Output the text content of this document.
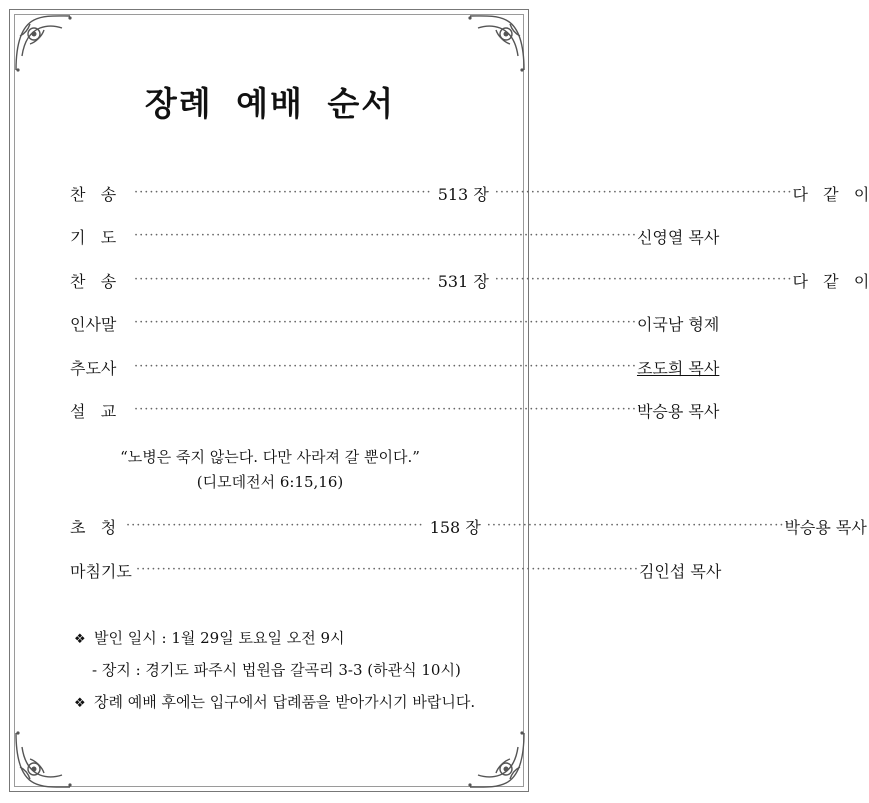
장례 예배 순서
찬   송	·························································· 513 장 ·························································· 다   같   이
기   도	·································································································· 신영열 목사
찬   송	·························································· 531 장 ·························································· 다   같   이
인사말	·································································································· 이국남 형제
추도사	·································································································· 조도희 목사
설   교	·································································································· 박승용 목사
“노병은 죽지 않는다. 다만 사라져 갈 뿐이다.”
(디모데전서 6:15,16)
초   청 ·························································· 158 장 ·························································· 박승용 목사
마침기도 ·································································································· 김인섭 목사
❖ 발인 일시 : 1월 29일 토요일 오전 9시
- 장지 : 경기도 파주시 법원읍 갈곡리 3-3 (하관식 10시)
❖ 장례 예배 후에는 입구에서 답례품을 받아가시기 바랍니다.
